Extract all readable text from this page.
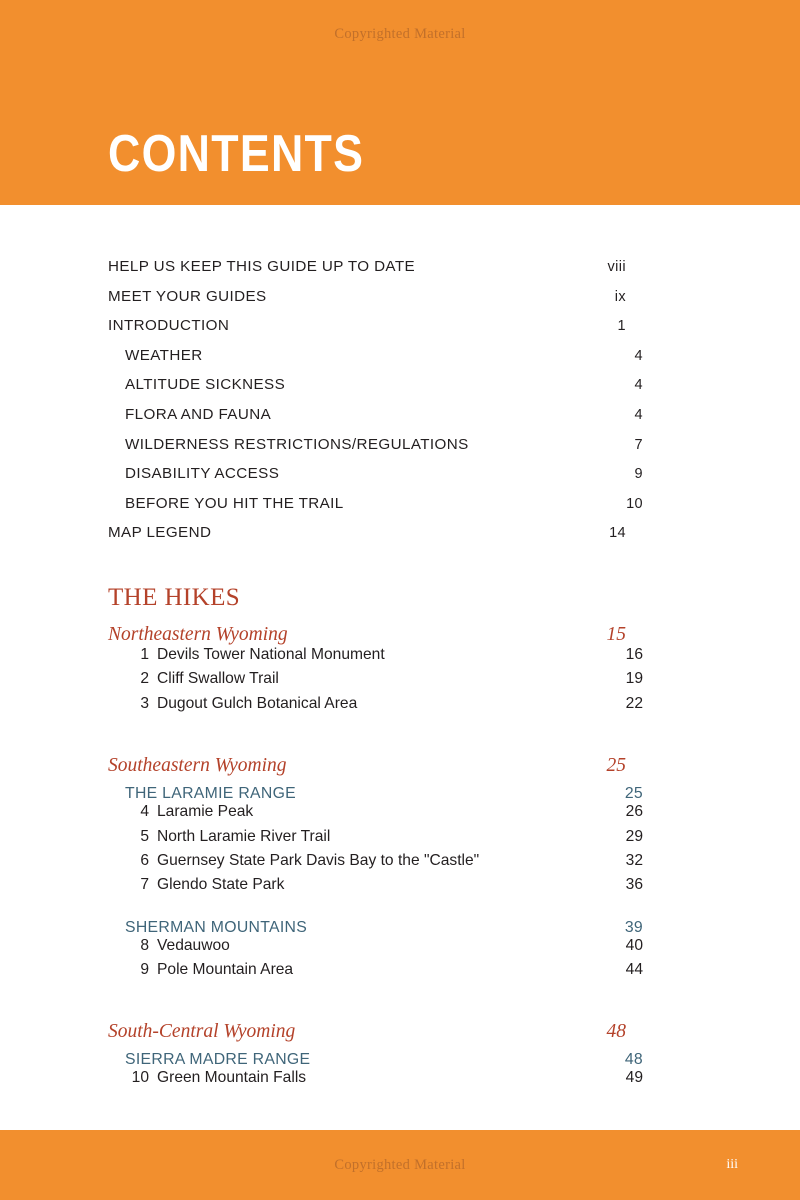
Copyrighted Material
CONTENTS
HELP US KEEP THIS GUIDE UP TO DATE	viii
MEET YOUR GUIDES	ix
INTRODUCTION	1
WEATHER	4
ALTITUDE SICKNESS	4
FLORA AND FAUNA	4
WILDERNESS RESTRICTIONS/REGULATIONS	7
DISABILITY ACCESS	9
BEFORE YOU HIT THE TRAIL	10
MAP LEGEND	14
THE HIKES
Northeastern Wyoming	15
1 Devils Tower National Monument	16
2 Cliff Swallow Trail	19
3 Dugout Gulch Botanical Area	22
Southeastern Wyoming	25
THE LARAMIE RANGE	25
4 Laramie Peak	26
5 North Laramie River Trail	29
6 Guernsey State Park Davis Bay to the "Castle"	32
7 Glendo State Park	36
SHERMAN MOUNTAINS	39
8 Vedauwoo	40
9 Pole Mountain Area	44
South-Central Wyoming	48
SIERRA MADRE RANGE	48
10 Green Mountain Falls	49
Copyrighted Material	iii
